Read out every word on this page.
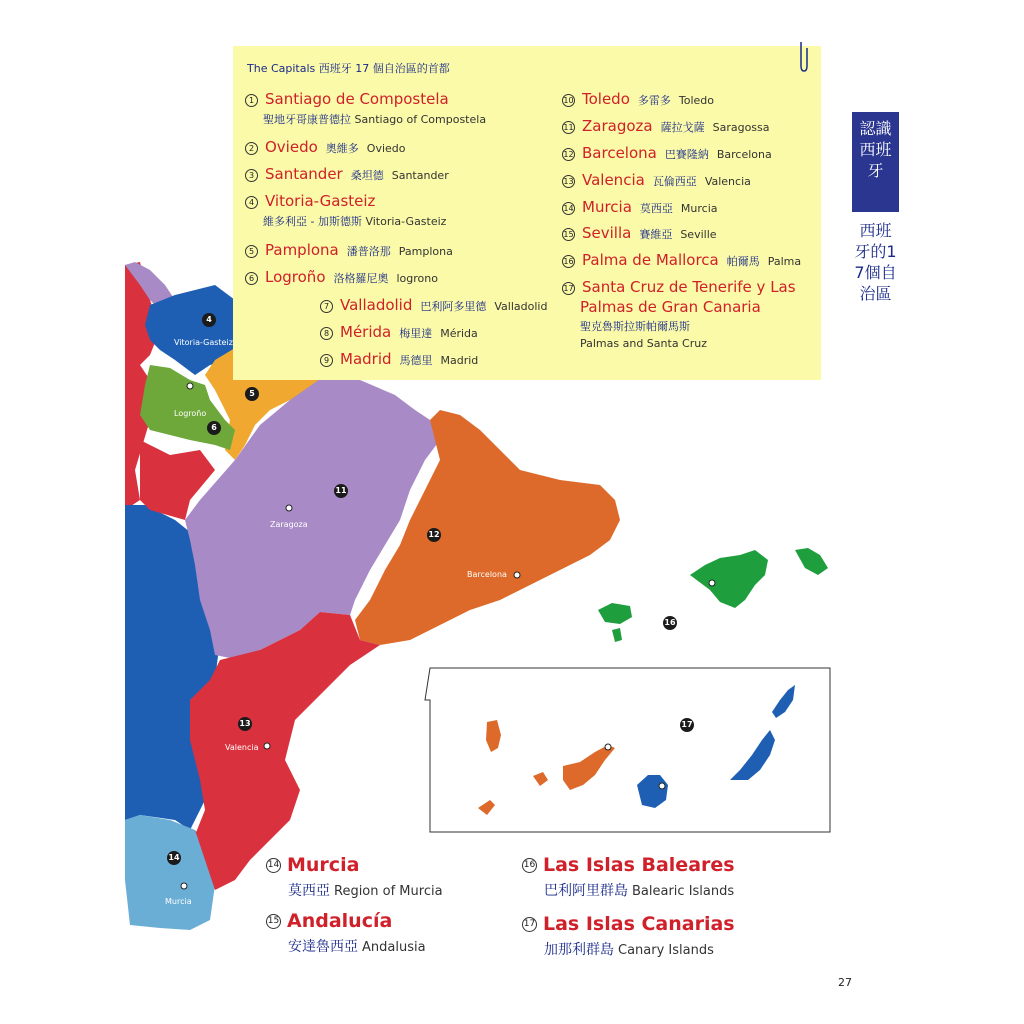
Vitoria-Gasteiz
Logroño
Zaragoza
Barcelona
Valencia
Murcia
4
5
6
11
12
13
14
16
17
The Capitals 西班牙 17 個自治區的首都
1 Santiago de Compostela
聖地牙哥康普德拉 Santiago of Compostela
2 Oviedo 奧維多 Oviedo
3 Santander 桑坦德 Santander
4 Vitoria-Gasteiz
維多利亞 - 加斯德斯 Vitoria-Gasteiz
5 Pamplona 潘普洛那 Pamplona
6 Logroño 洛格羅尼奧 logrono
7 Valladolid 巴利阿多里德 Valladolid
8 Mérida 梅里達 Mérida
9 Madrid 馬德里 Madrid
10 Toledo 多雷多 Toledo
11 Zaragoza 薩拉戈薩 Saragossa
12 Barcelona 巴賽隆納 Barcelona
13 Valencia 瓦倫西亞 Valencia
14 Murcia 莫西亞 Murcia
15 Sevilla 賽維亞 Seville
16 Palma de Mallorca 帕爾馬 Palma
17 Santa Cruz de Tenerife y Las
Palmas de Gran Canaria
聖克魯斯拉斯帕爾馬斯
Palmas and Santa Cruz
認識西班牙
西班牙的17個自治區
14 Murcia
莫西亞 Region of Murcia
15 Andalucía
安達魯西亞 Andalusia
16 Las Islas Baleares
巴利阿里群島 Balearic Islands
17 Las Islas Canarias
加那利群島 Canary Islands
27
